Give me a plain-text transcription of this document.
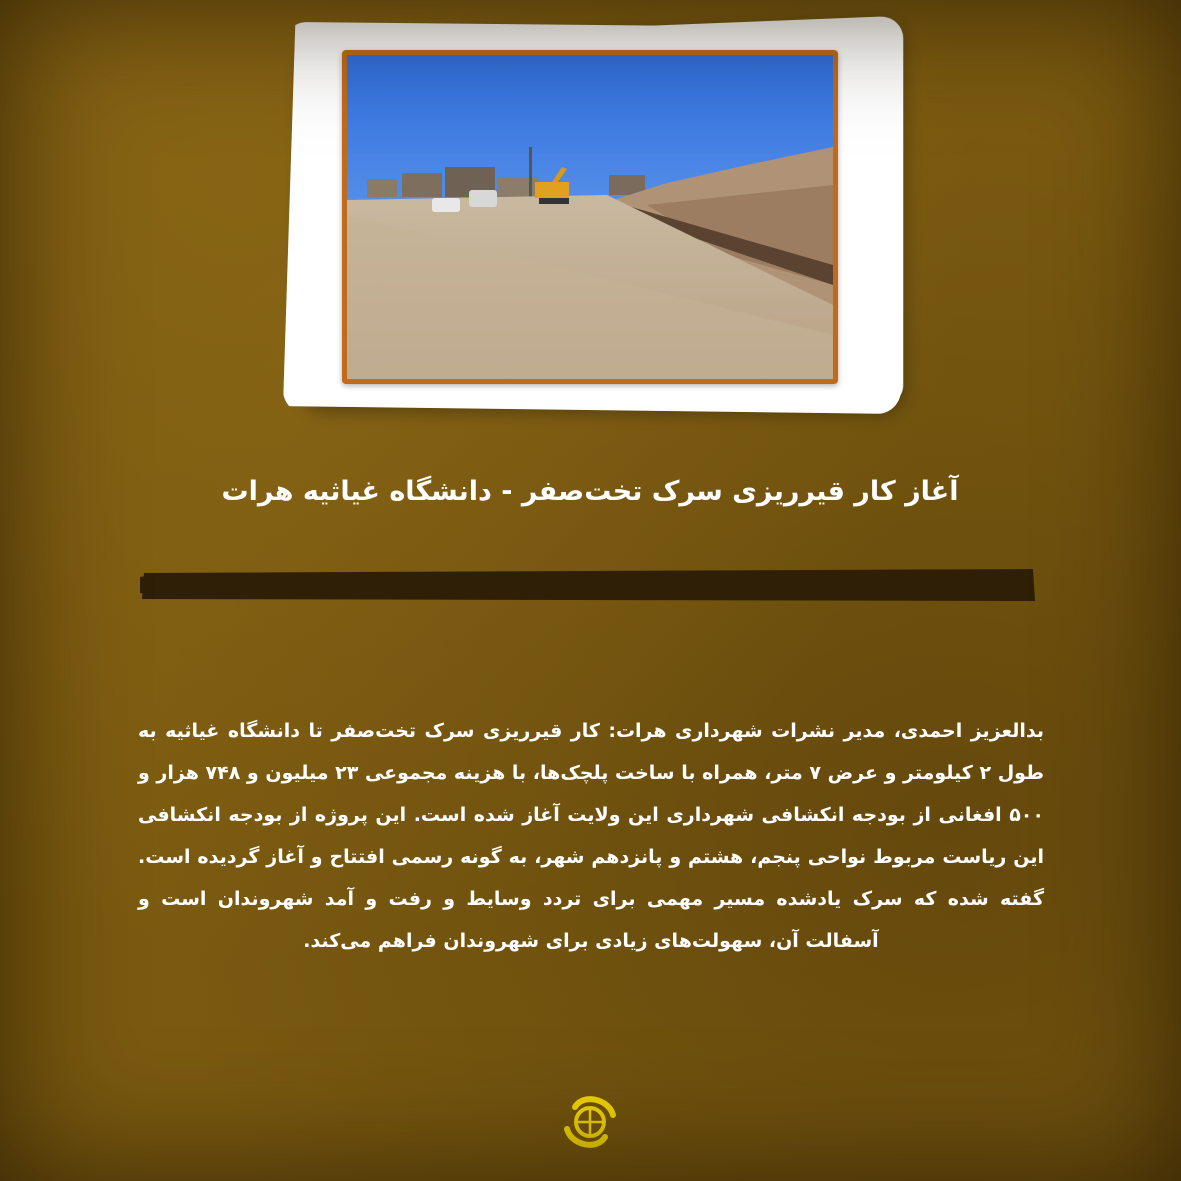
آغاز کار قیرریزی سرک تخت‌صفر - دانشگاه غیاثیه هرات
بدالعزیز احمدی، مدیر نشرات شهرداری هرات: کار قیرریزی سرک تخت‌صفر تا دانشگاه غیاثیه به طول ۲ کیلومتر و عرض ۷ متر، همراه با ساخت پلچک‌ها، با هزینه مجموعی ۲۳ میلیون و ۷۴۸ هزار و ۵۰۰ افغانی از بودجه انکشافی شهرداری این ولایت آغاز شده است. این پروژه از بودجه انکشافی این ریاست مربوط نواحی پنجم، هشتم و پانزدهم شهر، به گونه رسمی افتتاح و آغاز گردیده است. گفته شده که سرک یادشده مسیر مهمی برای تردد وسایط و رفت و آمد شهروندان است و آسفالت آن، سهولت‌های زیادی برای شهروندان فراهم می‌کند.
